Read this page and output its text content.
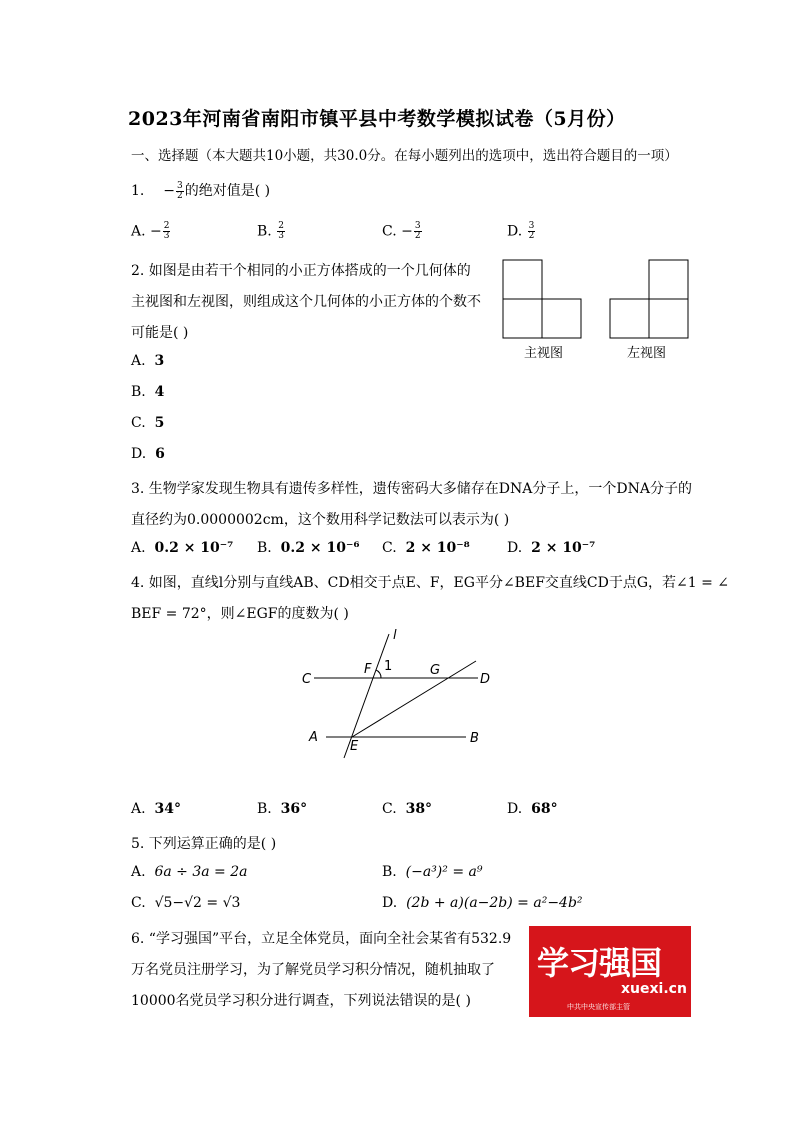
2023年河南省南阳市镇平县中考数学模拟试卷（5月份）
一、选择题（本大题共10小题，共30.0分。在每小题列出的选项中，选出符合题目的一项）
1. − $\frac{3}{2}$ 的绝对值是( )
A. − $\frac{2}{3}$	B. $\frac{2}{3}$	C. − $\frac{3}{2}$	D. $\frac{3}{2}$
2. 如图是由若干个相同的小正方体搭成的一个几何体的
主视图和左视图，则组成这个几何体的小正方体的个数不
可能是( )
主视图	左视图
A. 3
B. 4
C. 5
D. 6
3. 生物学家发现生物具有遗传多样性，遗传密码大多储存在DNA分子上，一个DNA分子的
直径约为0.0000002cm，这个数用科学记数法可以表示为( )
A. 0.2 × 10⁻⁷ B. 0.2 × 10⁻⁶ C. 2 × 10⁻⁸	D. 2 × 10⁻⁷
4. 如图，直线l分别与直线AB、CD相交于点E、F，EG平分∠BEF交直线CD于点G，若∠1 = ∠
BEF = 72°，则∠EGF的度数为( )
l
C	D
F	G
A	B
E
1
A. 34°	B. 36°	C. 38°	D. 68°
5. 下列运算正确的是( )
A. 6a ÷ 3a = 2a	B. (−a³)² = a⁹
C. √5−√2 = √3	D. (2b + a)(a−2b) = a²−4b²
6. “学习强国”平台，立足全体党员，面向全社会某省有532.9
万名党员注册学习，为了解党员学习积分情况，随机抽取了
10000名党员学习积分进行调查，下列说法错误的是( )
学习强国
xuexi.cn
中共中央宣传部主管
